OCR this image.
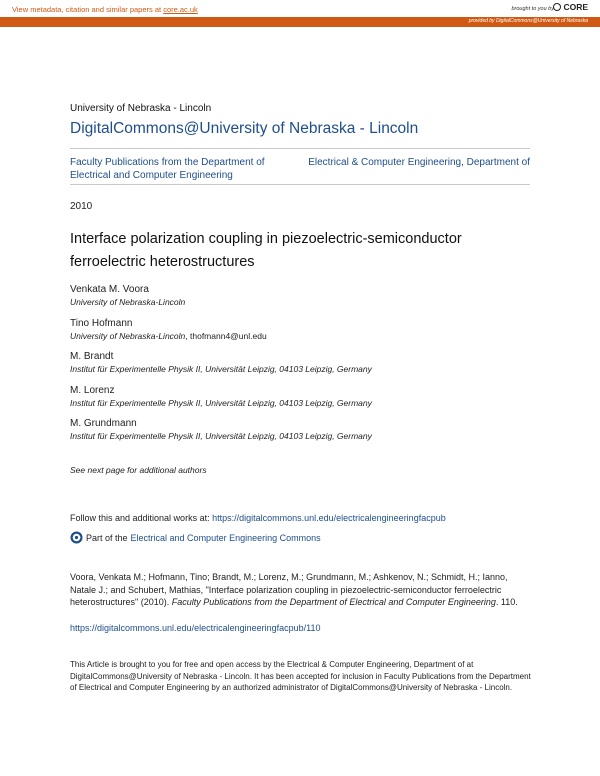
View metadata, citation and similar papers at core.ac.uk	brought to you by	CORE
provided by DigitalCommons@University of Nebraska
University of Nebraska - Lincoln
DigitalCommons@University of Nebraska - Lincoln
Faculty Publications from the Department of Electrical and Computer Engineering
Electrical & Computer Engineering, Department of
2010
Interface polarization coupling in piezoelectric-semiconductor ferroelectric heterostructures
Venkata M. Voora
University of Nebraska-Lincoln
Tino Hofmann
University of Nebraska-Lincoln, thofmann4@unl.edu
M. Brandt
Institut für Experimentelle Physik II, Universität Leipzig, 04103 Leipzig, Germany
M. Lorenz
Institut für Experimentelle Physik II, Universität Leipzig, 04103 Leipzig, Germany
M. Grundmann
Institut für Experimentelle Physik II, Universität Leipzig, 04103 Leipzig, Germany
See next page for additional authors
Follow this and additional works at: https://digitalcommons.unl.edu/electricalengineeringfacpub
Part of the Electrical and Computer Engineering Commons
Voora, Venkata M.; Hofmann, Tino; Brandt, M.; Lorenz, M.; Grundmann, M.; Ashkenov, N.; Schmidt, H.; Ianno, Natale J.; and Schubert, Mathias, "Interface polarization coupling in piezoelectric-semiconductor ferroelectric heterostructures" (2010). Faculty Publications from the Department of Electrical and Computer Engineering. 110.
https://digitalcommons.unl.edu/electricalengineeringfacpub/110
This Article is brought to you for free and open access by the Electrical & Computer Engineering, Department of at DigitalCommons@University of Nebraska - Lincoln. It has been accepted for inclusion in Faculty Publications from the Department of Electrical and Computer Engineering by an authorized administrator of DigitalCommons@University of Nebraska - Lincoln.
